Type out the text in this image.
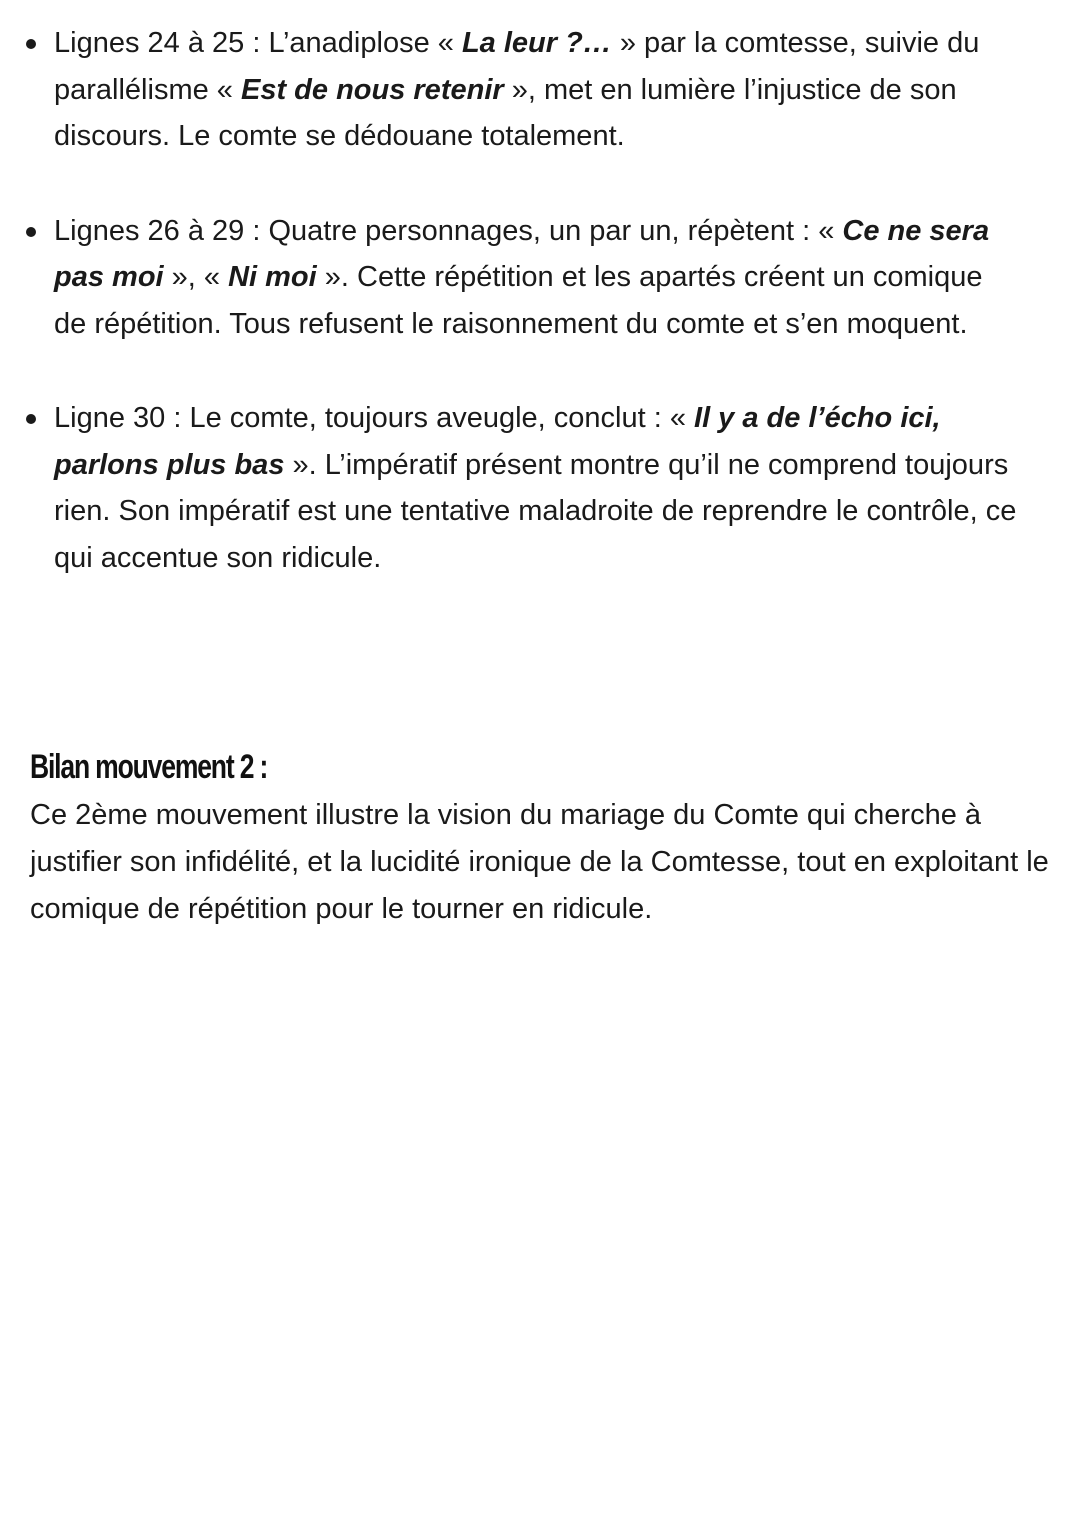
Lignes 24 à 25 : L’anadiplose « La leur ?… » par la comtesse, suivie du parallélisme « Est de nous retenir », met en lumière l’injustice de son discours. Le comte se dédouane totalement.
Lignes 26 à 29 : Quatre personnages, un par un, répètent : « Ce ne sera pas moi », « Ni moi ». Cette répétition et les apartés créent un comique de répétition. Tous refusent le raisonnement du comte et s’en moquent.
Ligne 30 : Le comte, toujours aveugle, conclut : « Il y a de l’écho ici, parlons plus bas ». L’impératif présent montre qu’il ne comprend toujours rien. Son impératif est une tentative maladroite de reprendre le contrôle, ce qui accentue son ridicule.
Bilan mouvement 2 :

Ce 2ème mouvement illustre la vision du mariage du Comte qui cherche à justifier son infidélité, et la lucidité ironique de la Comtesse, tout en exploitant le comique de répétition pour le tourner en ridicule.
